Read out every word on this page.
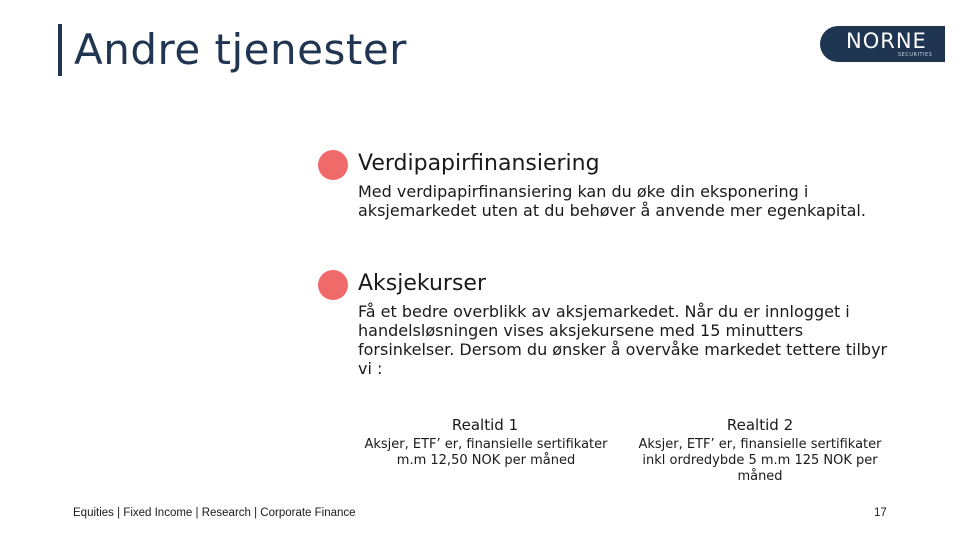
Andre tjenester	NORNE
SECURITIES
Verdipapirfinansiering
Med verdipapirfinansiering kan du øke din eksponering i aksjemarkedet uten at du behøver å anvende mer egenkapital.
Aksjekurser
Få et bedre overblikk av aksjemarkedet. Når du er innlogget i handelsløsningen vises aksjekursene med 15 minutters forsinkelser. Dersom du ønsker å overvåke markedet tettere tilbyr vi :
Realtid 1
Aksjer, ETF’ er, finansielle sertifikater m.m 12,50 NOK per måned
Realtid 2
Aksjer, ETF’ er, finansielle sertifikater inkl ordredybde 5 m.m 125 NOK per måned
Equities | Fixed Income | Research | Corporate Finance	17
